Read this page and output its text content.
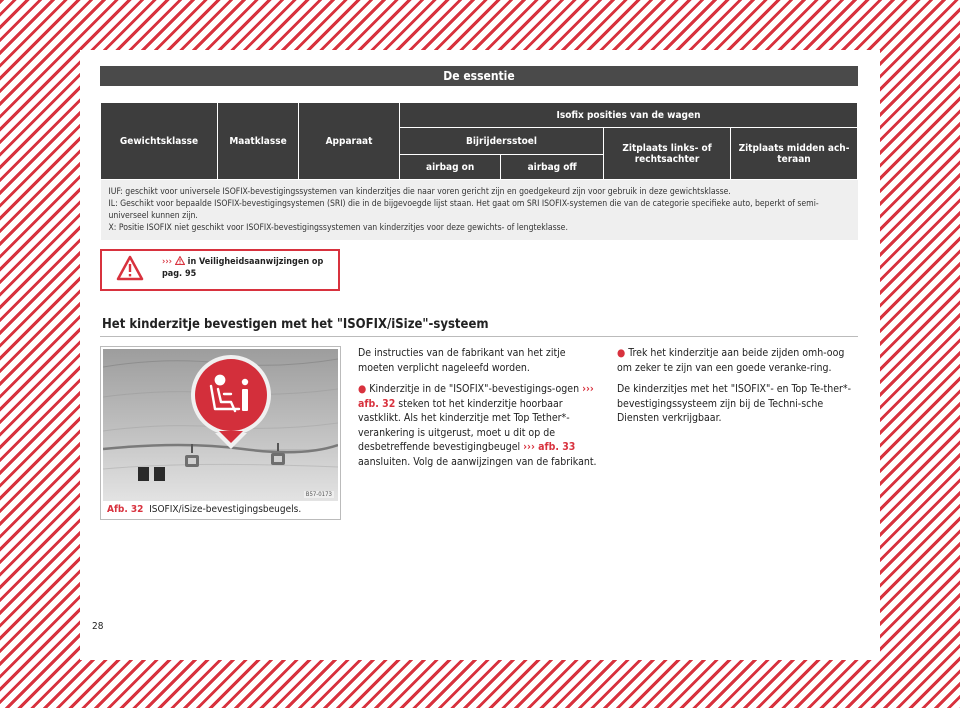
De essentie
Gewichtsklasse	Maatklasse	Apparaat	Isofix posities van de wagen			
			Bijrijdersstoel		Zitplaats links- of rechtsachter	Zitplaats midden ach-teraan
			airbag on	airbag off		

IUF: geschikt voor universele ISOFIX-bevestigingssystemen van kinderzitjes die naar voren gericht zijn en goedgekeurd zijn voor gebruik in deze gewichtsklasse.
IL: Geschikt voor bepaalde ISOFIX-bevestigingsystemen (SRI) die in de bijgevoegde lijst staan. Het gaat om SRI ISOFIX-systemen die van de categorie specifieke auto, beperkt of semi-universeel kunnen zijn.
X: Positie ISOFIX niet geschikt voor ISOFIX-bevestigingssystemen van kinderzitjes voor deze gewichts- of lengteklasse.						
››› in Veiligheidsaanwijzingen op
pag. 95
Het kinderzitje bevestigen met het "ISOFIX/iSize"-systeem
B57-0173
Afb. 32 ISOFIX/iSize-bevestigingsbeugels.

De instructies van de fabrikant van het zitje moeten verplicht nageleefd worden.

● Kinderzitje in de "ISOFIX"-bevestigings-ogen ››› afb. 32 steken tot het kinderzitje hoorbaar vastklikt. Als het kinderzitje met Top Tether*-verankering is uitgerust, moet u dit op de desbetreffende bevestigingbeugel ››› afb. 33 aansluiten. Volg de aanwijzingen van de fabrikant.

● Trek het kinderzitje aan beide zijden omh-oog om zeker te zijn van een goede veranke-ring.

De kinderzitjes met het "ISOFIX"- en Top Te-ther*-bevestigingssysteem zijn bij de Techni-sche Diensten verkrijgbaar.

28
